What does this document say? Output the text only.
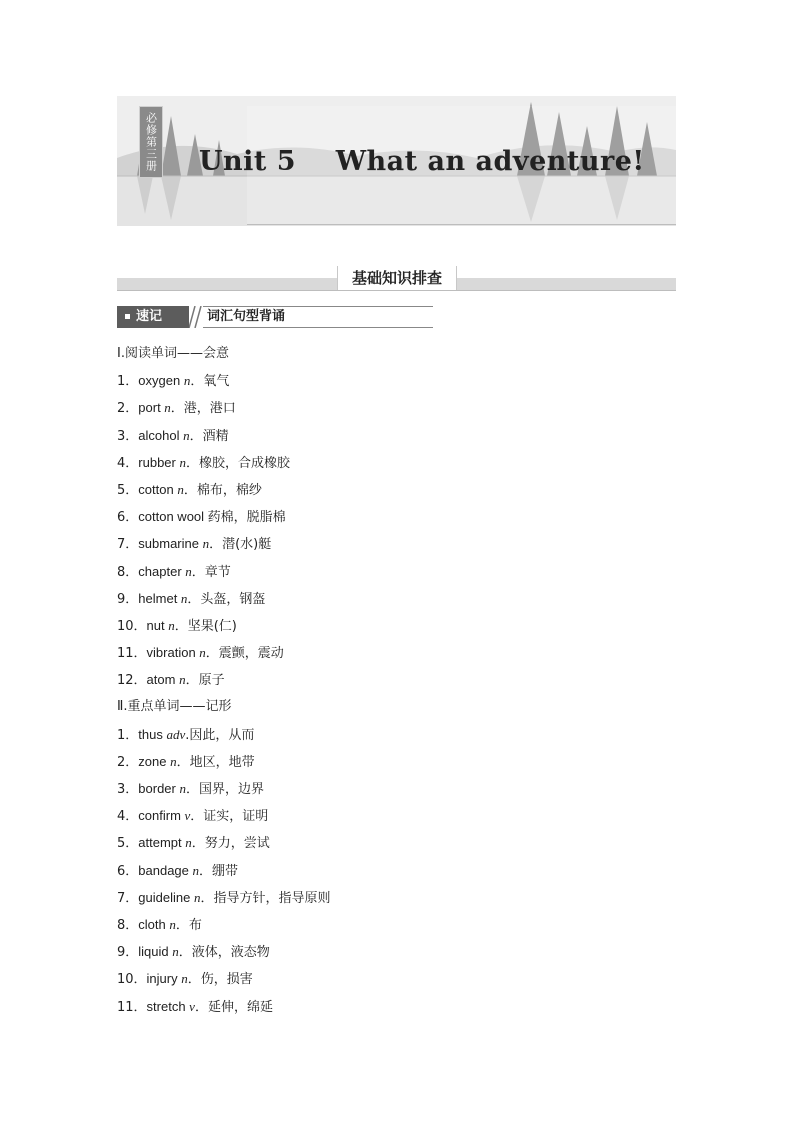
必修第三册 Unit 5    What an adventure!
基础知识排查
速记	词汇句型背诵
Ⅰ.阅读单词——会意
1．oxygen n．氧气
2．port n．港，港口
3．alcohol n．酒精
4．rubber n．橡胶，合成橡胶
5．cotton n．棉布，棉纱
6．cotton wool 药棉，脱脂棉
7．submarine n．潜(水)艇
8．chapter n．章节
9．helmet n．头盔，钢盔
10．nut n．坚果(仁)
11．vibration n．震颤，震动
12．atom n．原子
Ⅱ.重点单词——记形
1．thus adv.因此，从而
2．zone n．地区，地带
3．border n．国界，边界
4．confirm v．证实，证明
5．attempt n．努力，尝试
6．bandage n．绷带
7．guideline n．指导方针，指导原则
8．cloth n．布
9．liquid n．液体，液态物
10．injury n．伤，损害
11．stretch v．延伸，绵延
